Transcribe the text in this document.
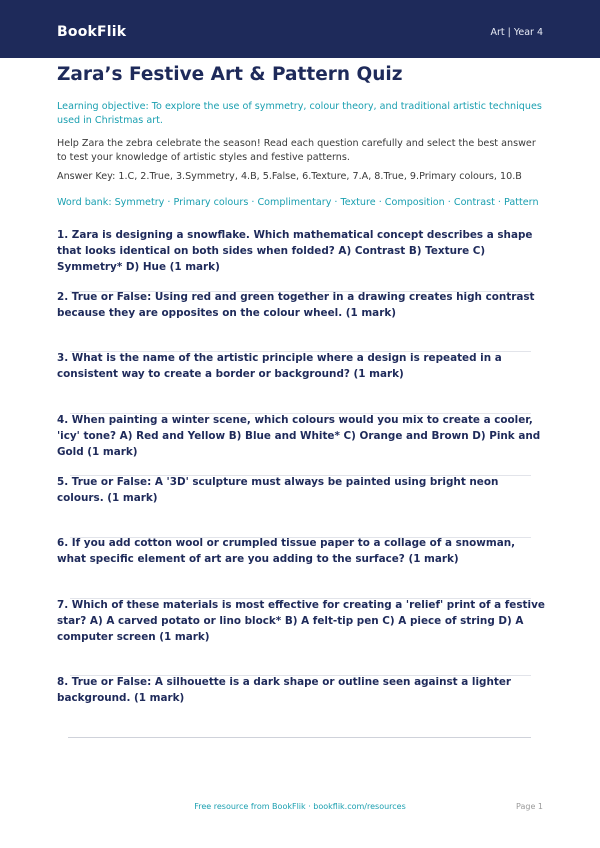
BookFlik	Art | Year 4
Zara’s Festive Art & Pattern Quiz
Learning objective: To explore the use of symmetry, colour theory, and traditional artistic techniques used in Christmas art.
Help Zara the zebra celebrate the season! Read each question carefully and select the best answer to test your knowledge of artistic styles and festive patterns.
Answer Key: 1.C, 2.True, 3.Symmetry, 4.B, 5.False, 6.Texture, 7.A, 8.True, 9.Primary colours, 10.B
Word bank: Symmetry · Primary colours · Complimentary · Texture · Composition · Contrast · Pattern
1. Zara is designing a snowflake. Which mathematical concept describes a shape that looks identical on both sides when folded? A) Contrast B) Texture C) Symmetry* D) Hue (1 mark)
2. True or False: Using red and green together in a drawing creates high contrast because they are opposites on the colour wheel. (1 mark)
3. What is the name of the artistic principle where a design is repeated in a consistent way to create a border or background? (1 mark)
4. When painting a winter scene, which colours would you mix to create a cooler, 'icy' tone? A) Red and Yellow B) Blue and White* C) Orange and Brown D) Pink and Gold (1 mark)
5. True or False: A '3D' sculpture must always be painted using bright neon colours. (1 mark)
6. If you add cotton wool or crumpled tissue paper to a collage of a snowman, what specific element of art are you adding to the surface? (1 mark)
7. Which of these materials is most effective for creating a 'relief' print of a festive star? A) A carved potato or lino block* B) A felt-tip pen C) A piece of string D) A computer screen (1 mark)
8. True or False: A silhouette is a dark shape or outline seen against a lighter background. (1 mark)
Free resource from BookFlik · bookflik.com/resources	Page 1
